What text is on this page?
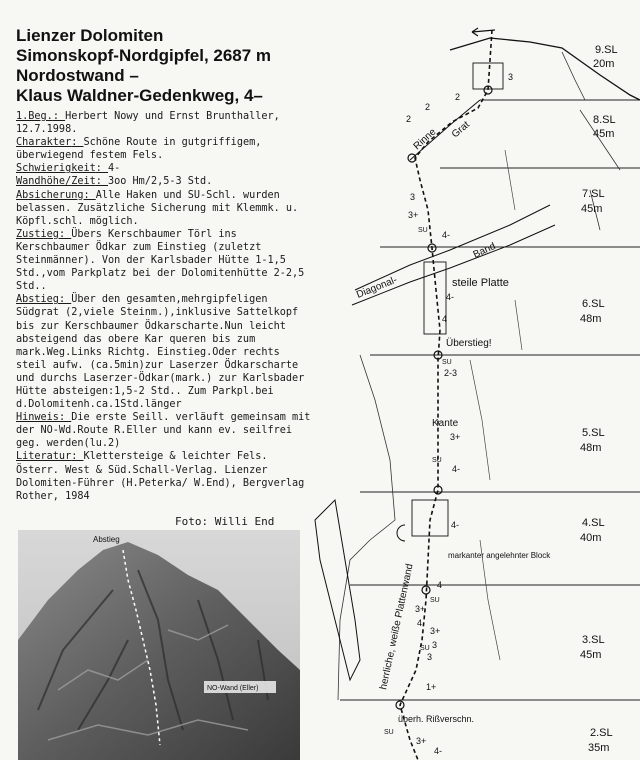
Lienzer Dolomiten
Simonskopf-Nordgipfel, 2687 m
Nordostwand –
Klaus Waldner-Gedenkweg, 4–

1.Beg. : Herbert Nowy und Ernst Brunthaller, 12.7.1998.

Charakter : Schöne Route in gutgriffigem, überwiegend festem Fels.

Schwierigkeit : 4-

Wandhöhe/Zeit : 3oo Hm/2,5-3 Std.

Absicherung : Alle Haken und SU-Schl. wurden belassen. Zusätzliche Sicherung mit Klemmk. u. Köpfl.schl. möglich.

Zustieg : Übers Kerschbaumer Törl ins Kerschbaumer Ödkar zum Einstieg (zuletzt Steinmänner). Von der Karlsbader Hütte 1-1,5 Std.,vom Parkplatz bei der Dolomitenhütte 2-2,5 Std..

Abstieg : Über den gesamten,mehrgipfeligen Südgrat (2,viele Steinm.),inklusive Sattelkopf bis zur Kerschbaumer Ödkarscharte.Nun leicht absteigend das obere Kar queren bis zum mark.Weg.Links Richtg. Einstieg.Oder rechts steil aufw. (ca.5min)zur Laserzer Ödkarscharte und durchs Laserzer-Ödkar(mark.) zur Karlsbader Hütte absteigen:1,5-2 Std.. Zum Parkpl.bei d.Dolomitenh.ca.1Std.länger

Hinweis : Die erste Seill. verläuft gemeinsam mit der NO-Wd.Route R.Eller und kann ev. seilfrei geg. werden(lu.2)

Literatur : Klettersteige & leichter Fels. Österr. West & Süd.Schall-Verlag. Lienzer Dolomiten-Führer (H.Peterka/ W.End), Bergverlag Rother, 1984

Foto: Willi End
Abstieg
NO-Wand (Eller)
9.SL
20m
8.SL
45m
7.SL
45m
6.SL
48m
5.SL
48m
4.SL
40m
3.SL
45m
2.SL
35m
Rinne Grat
Band
Diagonal-	steile Platte
Überstieg!
Kante
markanter angelehnter Block
herrliche, weiße Plattenwand
überh. Rißverschn.
3
2
2
2
3
3+
4-
4-
4
2-3
3+
4-
4-
4
3+
3
3+
4
3
1+
3+
4-
SU
SU
SU
SU
SU
SU
